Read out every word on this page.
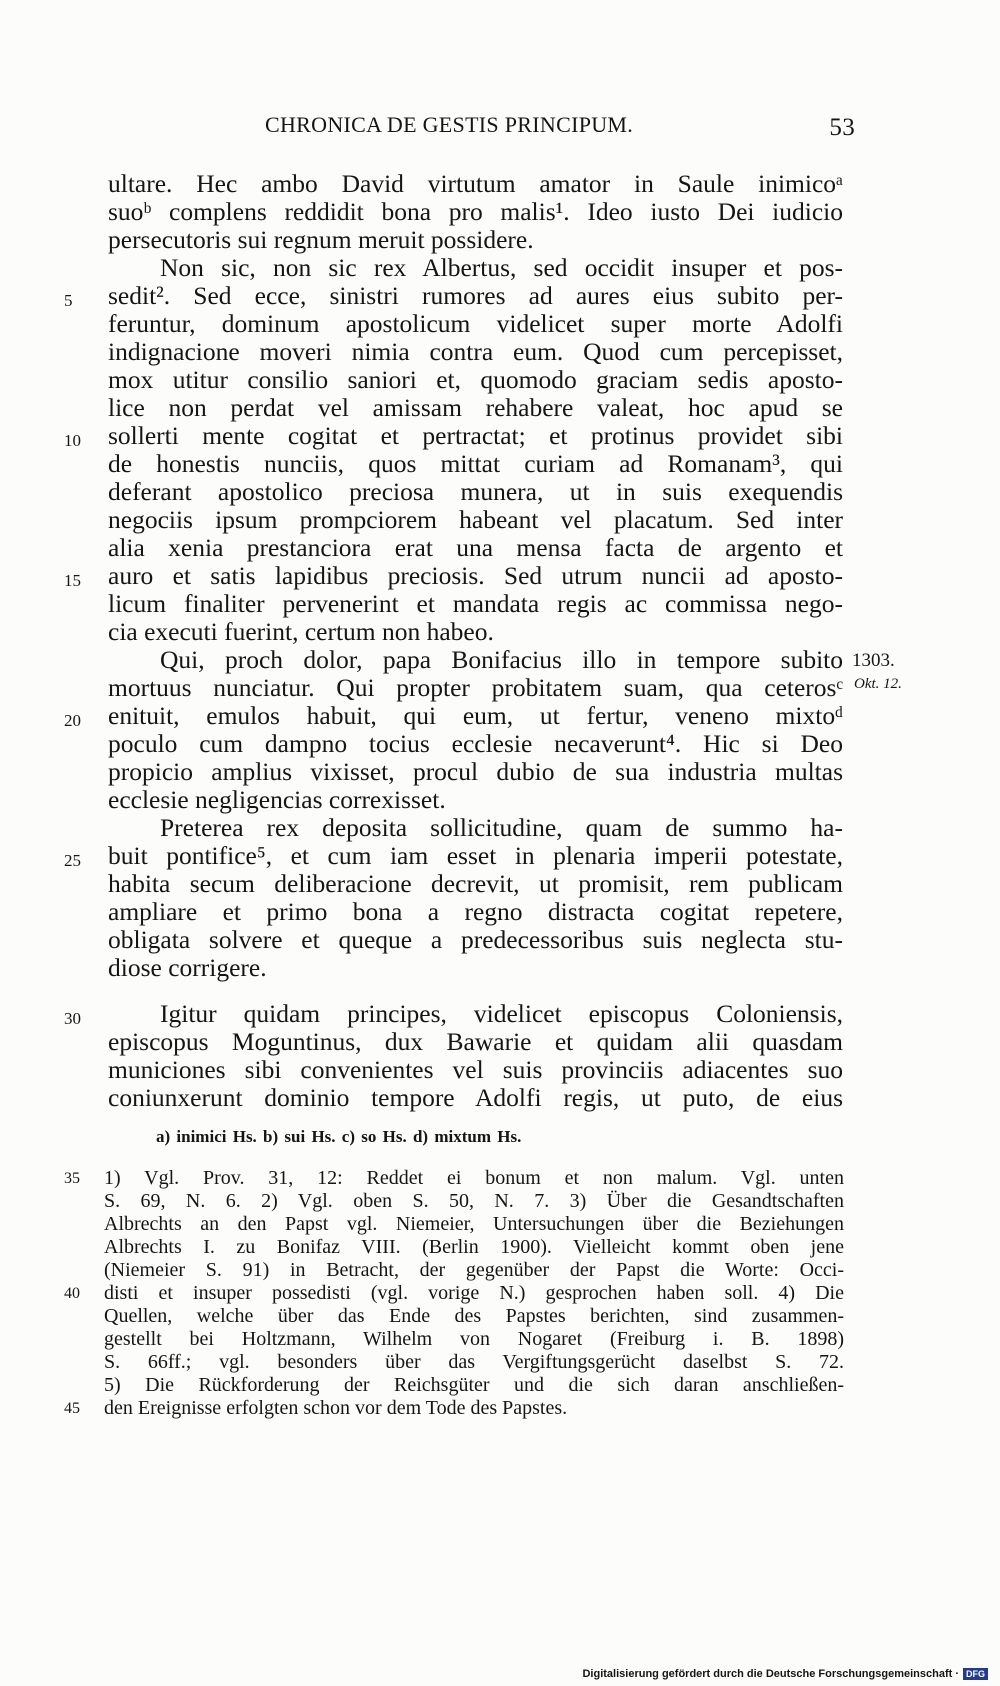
CHRONICA DE GESTIS PRINCIPUM.	53
ultare. Hec ambo David virtutum amator in Saule inimicoᵃ
suoᵇ complens reddidit bona pro malis¹. Ideo iusto Dei iudicio
persecutoris sui regnum meruit possidere.
Non sic, non sic rex Albertus, sed occidit insuper et pos-
sedit². Sed ecce, sinistri rumores ad aures eius subito per-
feruntur, dominum apostolicum videlicet super morte Adolfi
indignacione moveri nimia contra eum. Quod cum percepisset,
mox utitur consilio saniori et, quomodo graciam sedis aposto-
lice non perdat vel amissam rehabere valeat, hoc apud se
sollerti mente cogitat et pertractat; et protinus providet sibi
de honestis nunciis, quos mittat curiam ad Romanam³, qui
deferant apostolico preciosa munera, ut in suis exequendis
negociis ipsum prompciorem habeant vel placatum. Sed inter
alia xenia prestanciora erat una mensa facta de argento et
auro et satis lapidibus preciosis. Sed utrum nuncii ad aposto-
licum finaliter pervenerint et mandata regis ac commissa nego-
cia executi fuerint, certum non habeo.
Qui, proch dolor, papa Bonifacius illo in tempore subito
mortuus nunciatur. Qui propter probitatem suam, qua ceterosᶜ
enituit, emulos habuit, qui eum, ut fertur, veneno mixtoᵈ
poculo cum dampno tocius ecclesie necaverunt⁴. Hic si Deo
propicio amplius vixisset, procul dubio de sua industria multas
ecclesie negligencias correxisset.
Preterea rex deposita sollicitudine, quam de summo ha-
buit pontifice⁵, et cum iam esset in plenaria imperii potestate,
habita secum deliberacione decrevit, ut promisit, rem publicam
ampliare et primo bona a regno distracta cogitat repetere,
obligata solvere et queque a predecessoribus suis neglecta stu-
diose corrigere.
Igitur quidam principes, videlicet episcopus Coloniensis,
episcopus Moguntinus, dux Bawarie et quidam alii quasdam
municiones sibi convenientes vel suis provinciis adiacentes suo
coniunxerunt dominio tempore Adolfi regis, ut puto, de eius
5
10
15
20
25
30
1303.
Okt. 12.
a) inimici Hs. b) sui Hs. c) so Hs. d) mixtum Hs.
1) Vgl. Prov. 31, 12: Reddet ei bonum et non malum. Vgl. unten
S. 69, N. 6. 2) Vgl. oben S. 50, N. 7. 3) Über die Gesandtschaften
Albrechts an den Papst vgl. Niemeier, Untersuchungen über die Beziehungen
Albrechts I. zu Bonifaz VIII. (Berlin 1900). Vielleicht kommt oben jene
(Niemeier S. 91) in Betracht, der gegenüber der Papst die Worte: Occi-
disti et insuper possedisti (vgl. vorige N.) gesprochen haben soll. 4) Die
Quellen, welche über das Ende des Papstes berichten, sind zusammen-
gestellt bei Holtzmann, Wilhelm von Nogaret (Freiburg i. B. 1898)
S. 66ff.; vgl. besonders über das Vergiftungsgerücht daselbst S. 72.
5) Die Rückforderung der Reichsgüter und die sich daran anschließen-
den Ereignisse erfolgten schon vor dem Tode des Papstes.
35
40
45
Digitalisierung gefördert durch die Deutsche Forschungsgemeinschaft · DFG
